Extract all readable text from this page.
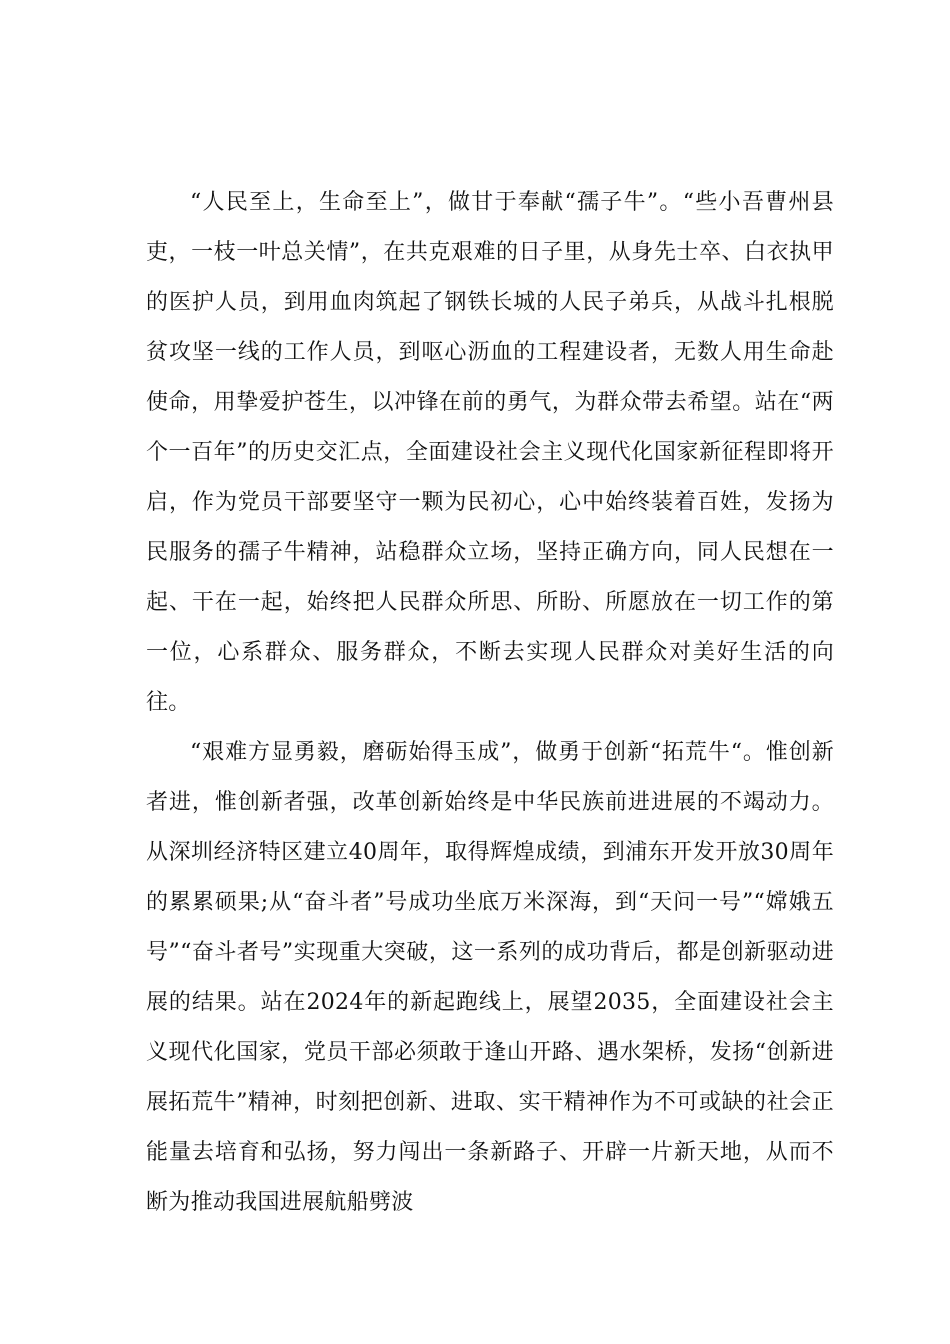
“人民至上，生命至上”，做甘于奉献“孺子牛”。“些小吾曹州县吏，一枝一叶总关情”，在共克艰难的日子里，从身先士卒、白衣执甲的医护人员，到用血肉筑起了钢铁长城的人民子弟兵，从战斗扎根脱贫攻坚一线的工作人员，到呕心沥血的工程建设者，无数人用生命赴使命，用挚爱护苍生，以冲锋在前的勇气，为群众带去希望。站在“两个一百年”的历史交汇点，全面建设社会主义现代化国家新征程即将开启，作为党员干部要坚守一颗为民初心，心中始终装着百姓，发扬为民服务的孺子牛精神，站稳群众立场，坚持正确方向，同人民想在一起、干在一起，始终把人民群众所思、所盼、所愿放在一切工作的第一位，心系群众、服务群众，不断去实现人民群众对美好生活的向往。

“艰难方显勇毅，磨砺始得玉成”，做勇于创新“拓荒牛“。惟创新者进，惟创新者强，改革创新始终是中华民族前进进展的不竭动力。从深圳经济特区建立40周年，取得辉煌成绩，到浦东开发开放30周年的累累硕果;从“奋斗者”号成功坐底万米深海，到“天问一号”“嫦娥五号”“奋斗者号”实现重大突破，这一系列的成功背后，都是创新驱动进展的结果。站在2024年的新起跑线上，展望2035，全面建设社会主义现代化国家，党员干部必须敢于逢山开路、遇水架桥，发扬“创新进展拓荒牛”精神，时刻把创新、进取、实干精神作为不可或缺的社会正能量去培育和弘扬，努力闯出一条新路子、开辟一片新天地，从而不断为推动我国进展航船劈波
